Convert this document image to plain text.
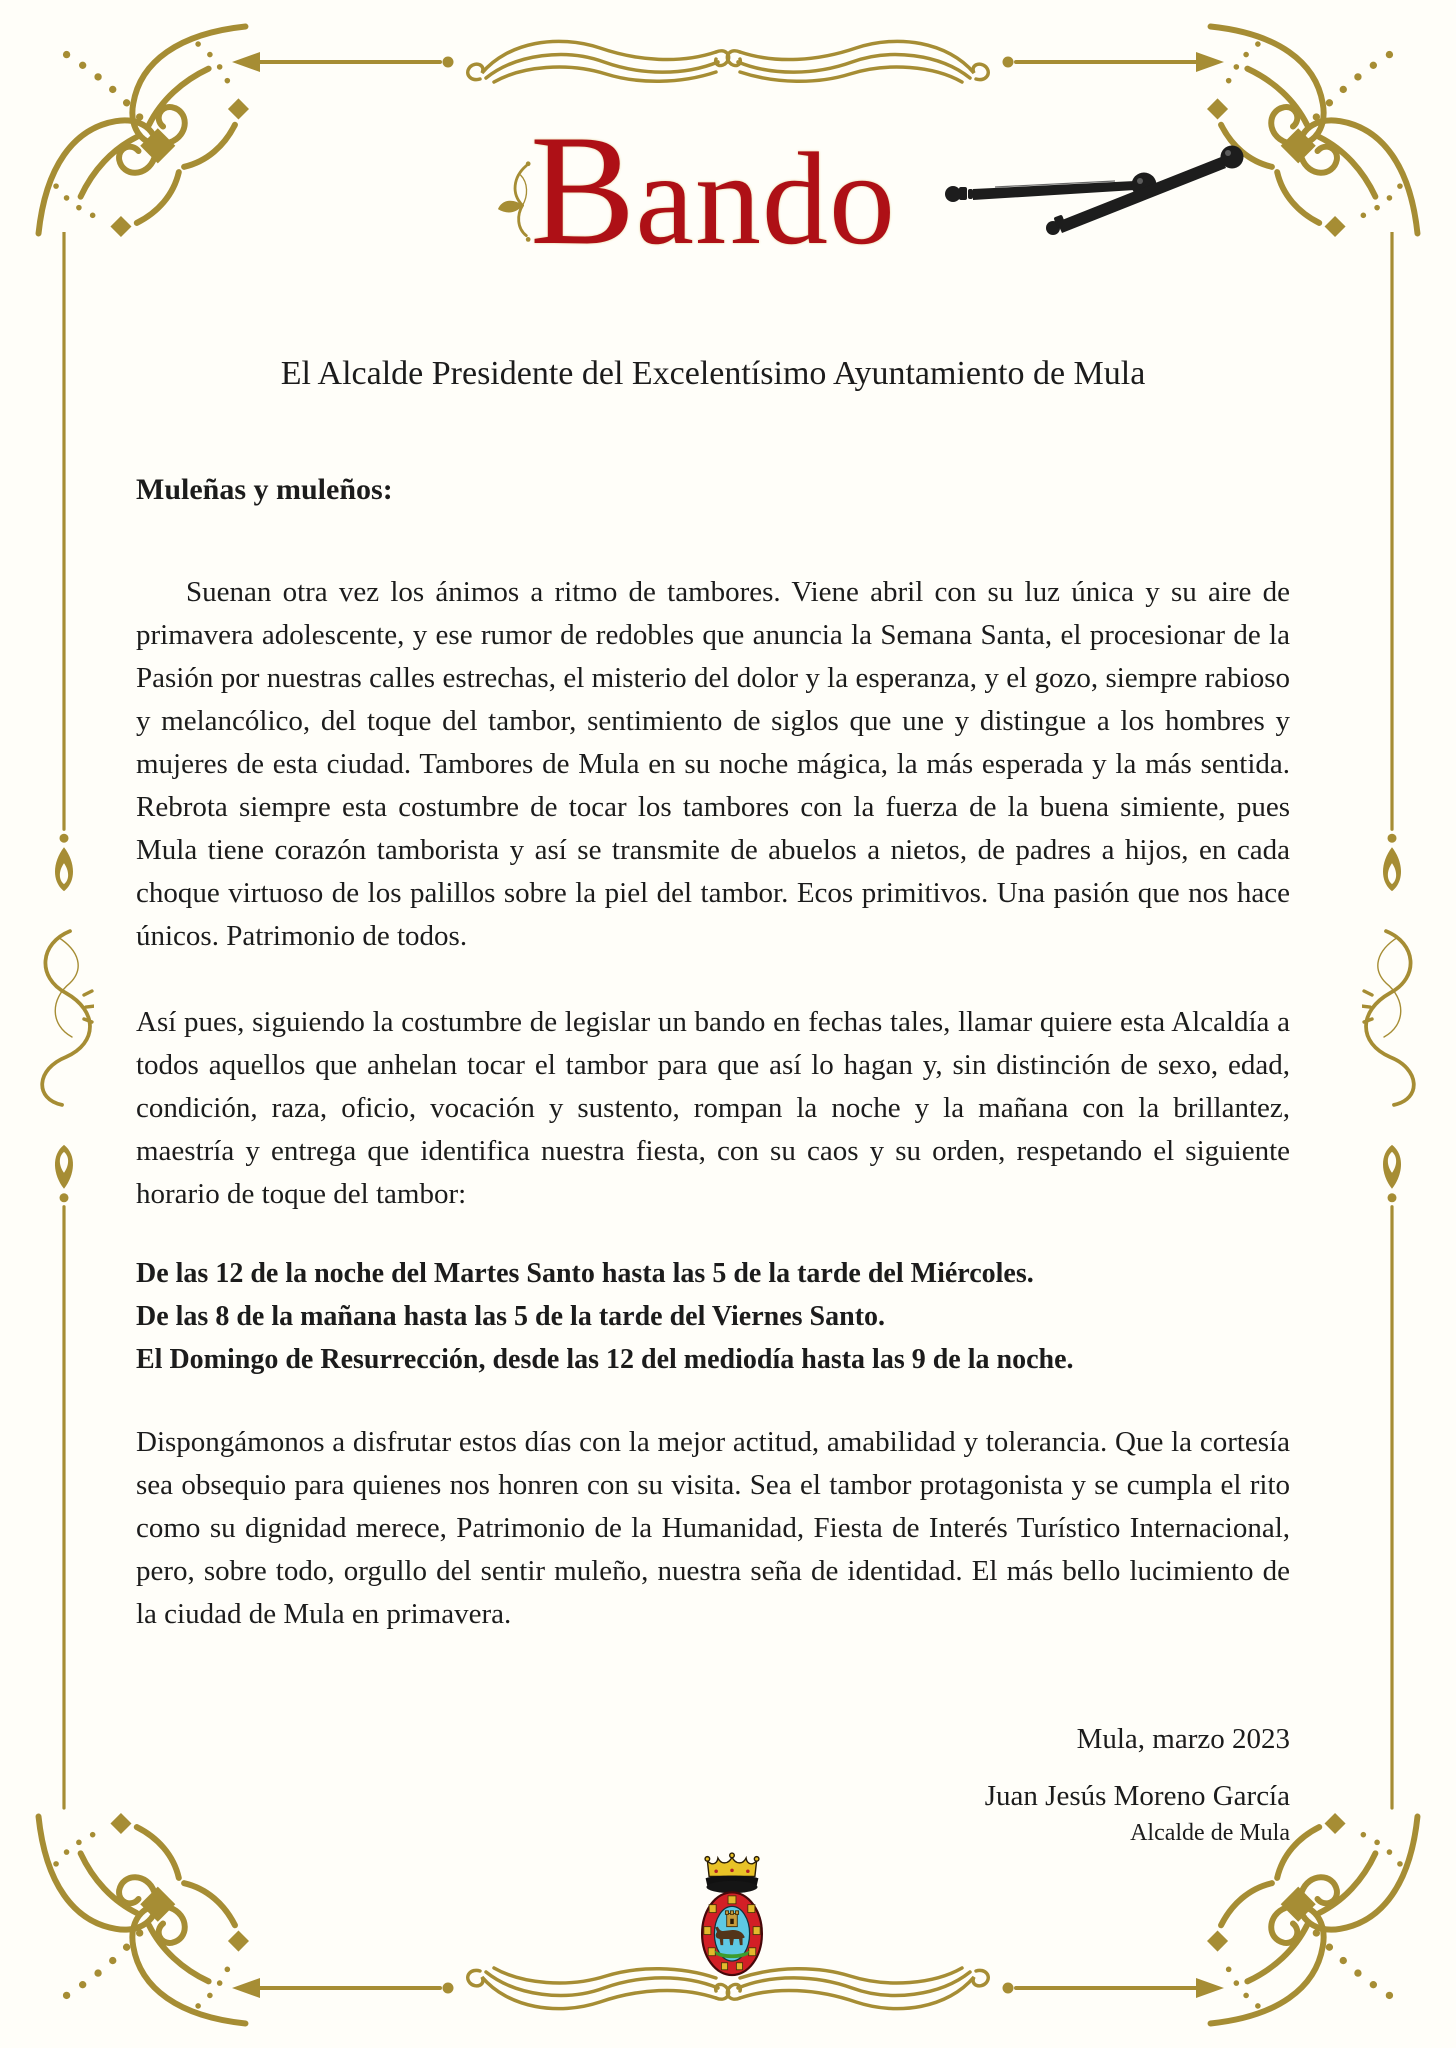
Bando
El Alcalde Presidente del Excelentísimo Ayuntamiento de Mula

Muleñas y muleños:

Suenan otra vez los ánimos a ritmo de tambores. Viene abril con su luz única y su aire de primavera adolescente, y ese rumor de redobles que anuncia la Semana Santa, el procesionar de la Pasión por nuestras calles estrechas, el misterio del dolor y la esperanza, y el gozo, siempre rabioso y melancólico, del toque del tambor, sentimiento de siglos que une y distingue a los hombres y mujeres de esta ciudad. Tambores de Mula en su noche mágica, la más esperada y la más sentida. Rebrota siempre esta costumbre de tocar los tambores con la fuerza de la buena simiente, pues Mula tiene corazón tamborista y así se transmite de abuelos a nietos, de padres a hijos, en cada choque virtuoso de los palillos sobre la piel del tambor. Ecos primitivos. Una pasión que nos hace únicos. Patrimonio de todos.

Así pues, siguiendo la costumbre de legislar un bando en fechas tales, llamar quiere esta Alcaldía a todos aquellos que anhelan tocar el tambor para que así lo hagan y, sin distinción de sexo, edad, condición, raza, oficio, vocación y sustento, rompan la noche y la mañana con la brillantez, maestría y entrega que identifica nuestra fiesta, con su caos y su orden, respetando el siguiente horario de toque del tambor:

De las 12 de la noche del Martes Santo hasta las 5 de la tarde del Miércoles.

De las 8 de la mañana hasta las 5 de la tarde del Viernes Santo.

El Domingo de Resurrección, desde las 12 del mediodía hasta las 9 de la noche.

Dispongámonos a disfrutar estos días con la mejor actitud, amabilidad y tolerancia. Que la cortesía sea obsequio para quienes nos honren con su visita. Sea el tambor protagonista y se cumpla el rito como su dignidad merece, Patrimonio de la Humanidad, Fiesta de Interés Turístico Internacional, pero, sobre todo, orgullo del sentir muleño, nuestra seña de identidad. El más bello lucimiento de la ciudad de Mula en primavera.

Mula, marzo 2023

Juan Jesús Moreno García

Alcalde de Mula
